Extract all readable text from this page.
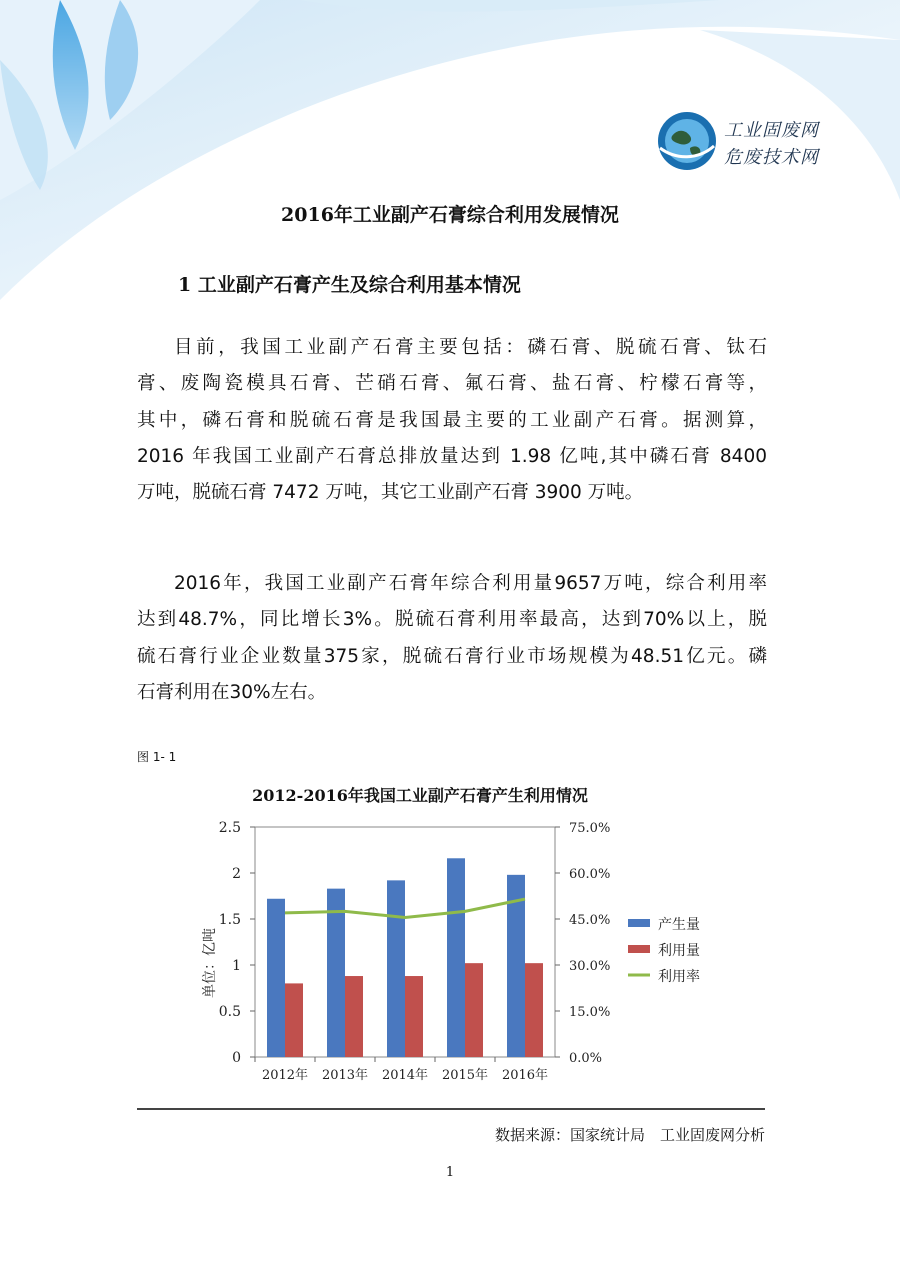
工业固废网
危废技术网
2016年工业副产石膏综合利用发展情况
1 工业副产石膏产生及综合利用基本情况
目前，我国工业副产石膏主要包括：磷石膏、脱硫石膏、钛石
膏、废陶瓷模具石膏、芒硝石膏、氟石膏、盐石膏、柠檬石膏等，
其中，磷石膏和脱硫石膏是我国最主要的工业副产石膏。据测算，
2016 年我国工业副产石膏总排放量达到 1.98 亿吨,其中磷石膏 8400
万吨，脱硫石膏 7472 万吨，其它工业副产石膏 3900 万吨。
2016年，我国工业副产石膏年综合利用量9657万吨，综合利用率
达到48.7%，同比增长3%。脱硫石膏利用率最高，达到70%以上，脱
硫石膏行业企业数量375家，脱硫石膏行业市场规模为48.51亿元。磷
石膏利用在30%左右。
图 1- 1
2012-2016年我国工业副产石膏产生利用情况
单位：亿吨
0
0.5
1
1.5
2
2.5
0.0%
15.0%
30.0%
45.0%
60.0%
75.0%
2012年 2013年 2014年 2015年 2016年
产生量
利用量
利用率
数据来源：国家统计局　工业固废网分析
1
